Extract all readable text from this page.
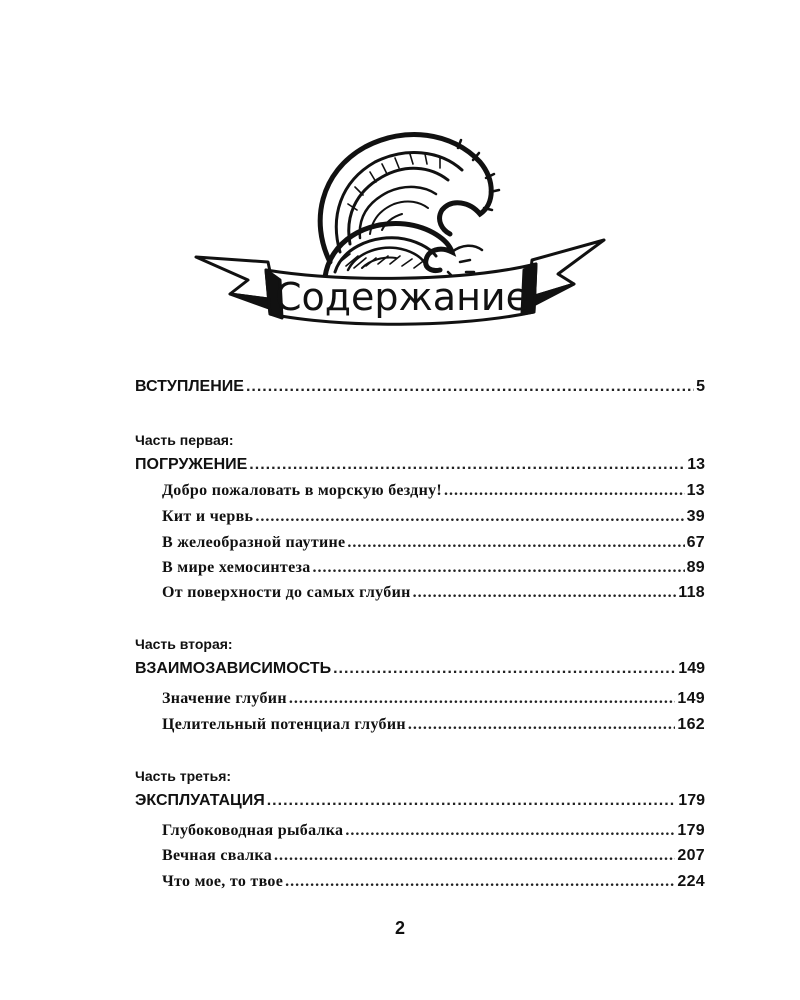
Содержание
ВСТУПЛЕНИЕ .....	5
Часть первая:
ПОГРУЖЕНИЕ .....	13
Добро пожаловать в морскую бездну! .....	13
Кит и червь .....	39
В желеобразной паутине .....	67
В мире хемосинтеза .....	89
От поверхности до самых глубин .....	118
Часть вторая:
ВЗАИМОЗАВИСИМОСТЬ .....	149
Значение глубин .....	149
Целительный потенциал глубин .....	162
Часть третья:
ЭКСПЛУАТАЦИЯ .....	179
Глубоководная рыбалка .....	179
Вечная свалка .....	207
Что мое, то твое .....	224
2
